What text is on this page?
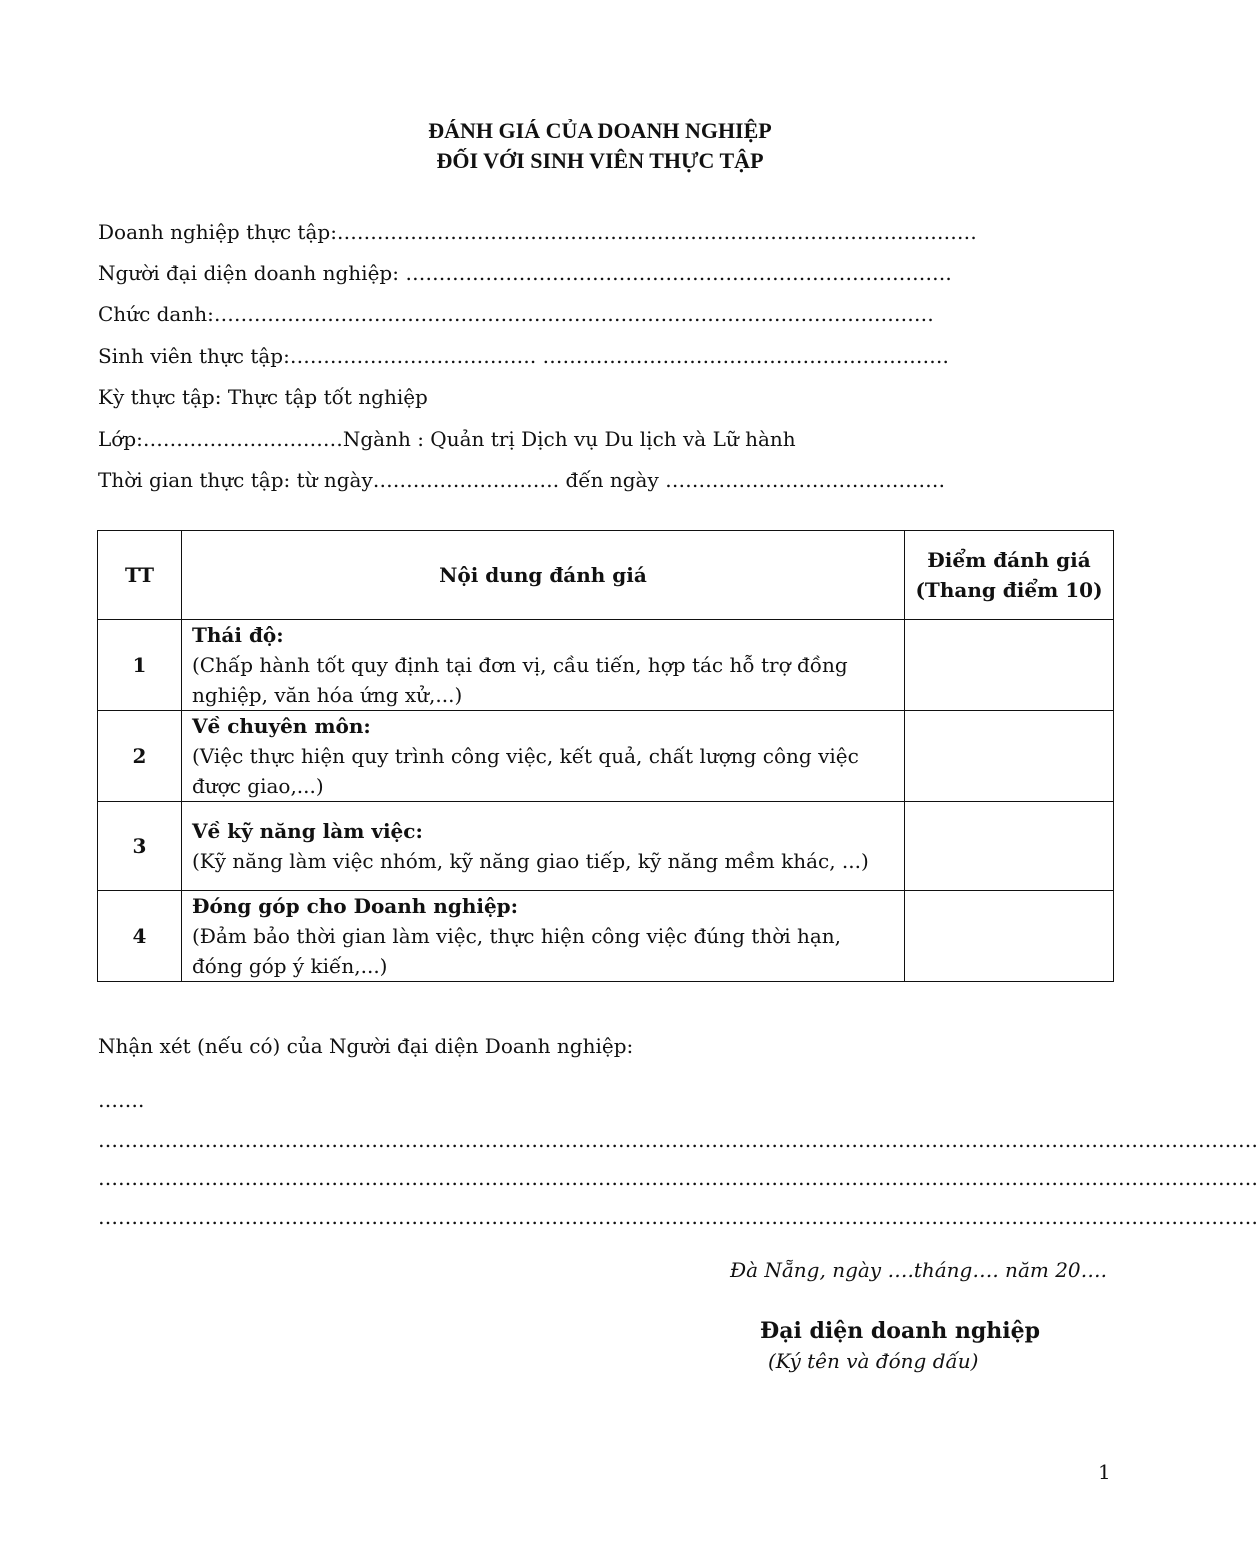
ĐÁNH GIÁ CỦA DOANH NGHIỆP
ĐỐI VỚI SINH VIÊN THỰC TẬP
Doanh nghiệp thực tập:……………………………………………………………………………………
Người đại diện doanh nghiệp: ……………………………………………………………………….
Chức danh:………………………………………………………………………………………………
Sinh viên thực tập:………………………………. …………………………………………………….
Kỳ thực tập: Thực tập tốt nghiệp
Lớp:…………………………Ngành : Quản trị Dịch vụ Du lịch và Lữ hành
Thời gian thực tập: từ ngày………………………. đến ngày ……………………………………
TT	Nội dung đánh giá	Điểm đánh giá (Thang điểm 10)
1	Thái độ:
(Chấp hành tốt quy định tại đơn vị, cầu tiến, hợp tác hỗ trợ đồng nghiệp, văn hóa ứng xử,...)	

2	Về chuyên môn:
(Việc thực hiện quy trình công việc, kết quả, chất lượng công việc được giao,...)	

3	Về kỹ năng làm việc:
(Kỹ năng làm việc nhóm, kỹ năng giao tiếp, kỹ năng mềm khác, ...)	

4	Đóng góp cho Doanh nghiệp:
(Đảm bảo thời gian làm việc, thực hiện công việc đúng thời hạn, đóng góp ý kiến,...)	

Nhận xét (nếu có) của Người đại diện Doanh nghiệp:
…….
…………………………………………………………………………………………………………………………………………………………
…………………………………………………………………………………………………………………………………………………………
…………………………………………………………………………………………………………………………………………………………
Đà Nẵng, ngày ….tháng…. năm 20….
Đại diện doanh nghiệp
(Ký tên và đóng dấu)
1
